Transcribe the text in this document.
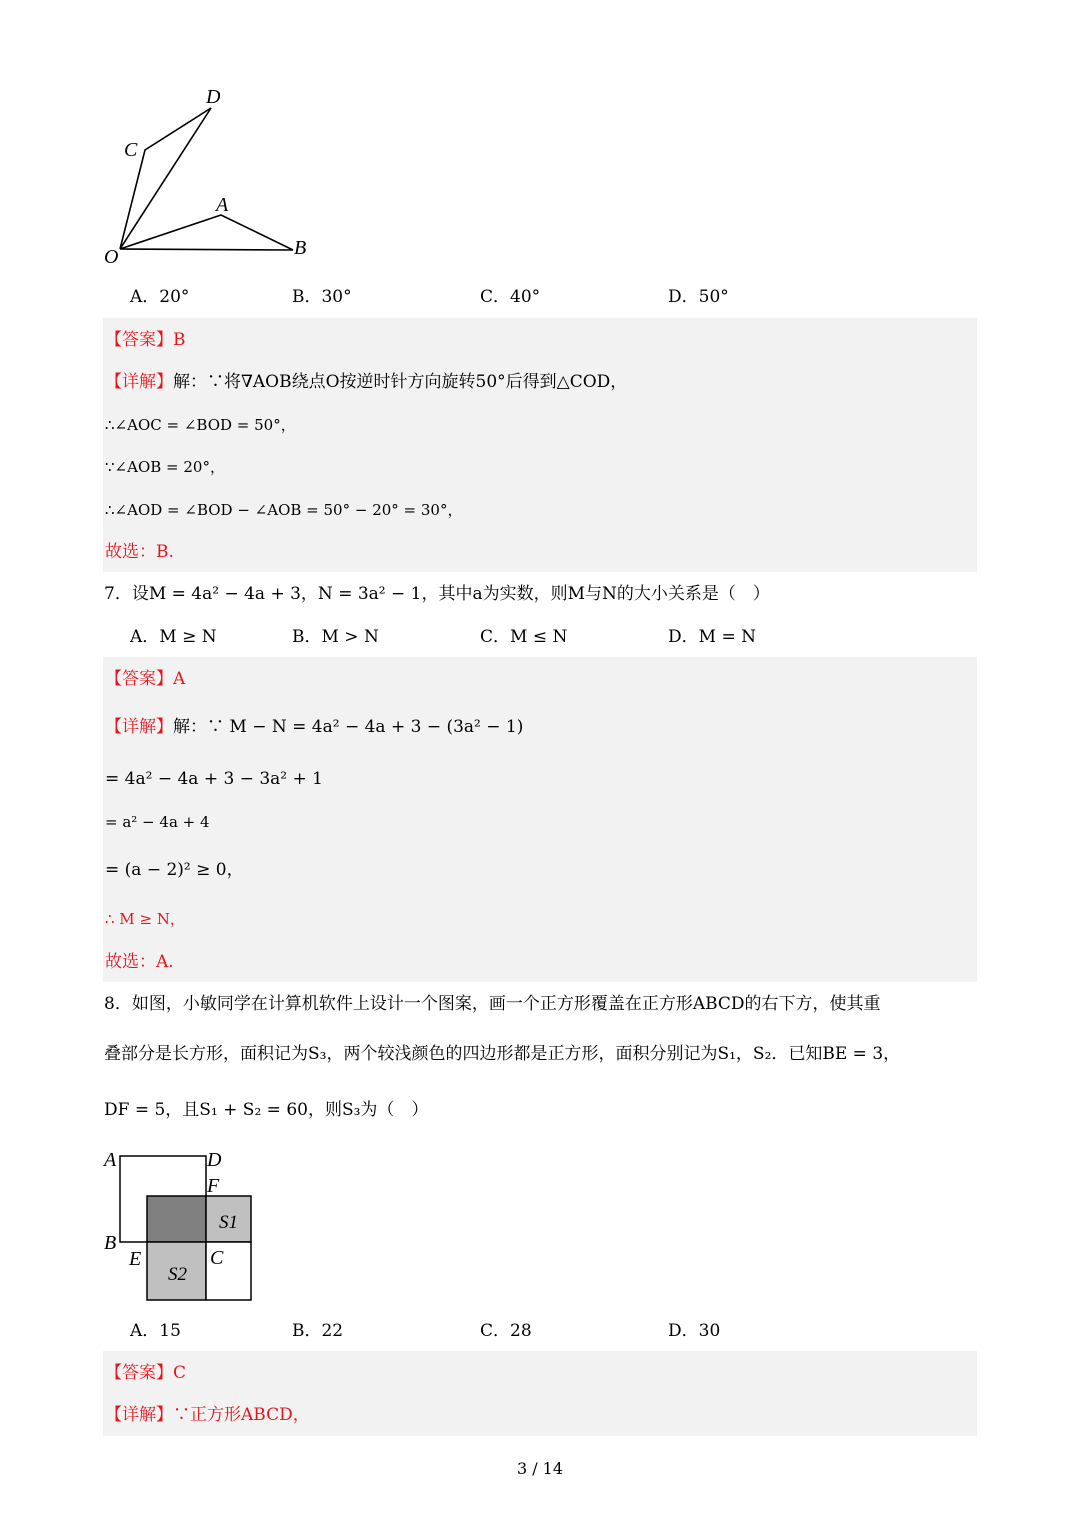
D
C
A
O	B
A．20°	B．30°	C．40°	D．50°
【答案】B
【详解】解：∵将∇AOB绕点O按逆时针方向旋转50°后得到△COD，
∴∠AOC = ∠BOD = 50°，
∵∠AOB = 20°，
∴∠AOD = ∠BOD − ∠AOB = 50° − 20° = 30°，
故选：B.
7．设M = 4a² − 4a + 3，N = 3a² − 1，其中a为实数，则M与N的大小关系是（　）
A．M ≥ N	B．M > N	C．M ≤ N	D．M = N
【答案】A
【详解】解：∵ M − N = 4a² − 4a + 3 − (3a² − 1)
= 4a² − 4a + 3 − 3a² + 1
= a² − 4a + 4
= (a − 2)² ≥ 0，
∴ M ≥ N，
故选：A.
8．如图，小敏同学在计算机软件上设计一个图案，画一个正方形覆盖在正方形ABCD的右下方，使其重
叠部分是长方形，面积记为S₃，两个较浅颜色的四边形都是正方形，面积分别记为S₁，S₂．已知BE = 3，
DF = 5，且S₁ + S₂ = 60，则S₃为（　）
A	D
F
S1
B
E	C
S2
A．15	B．22	C．28	D．30
【答案】C
【详解】∵正方形ABCD，
3 / 14
